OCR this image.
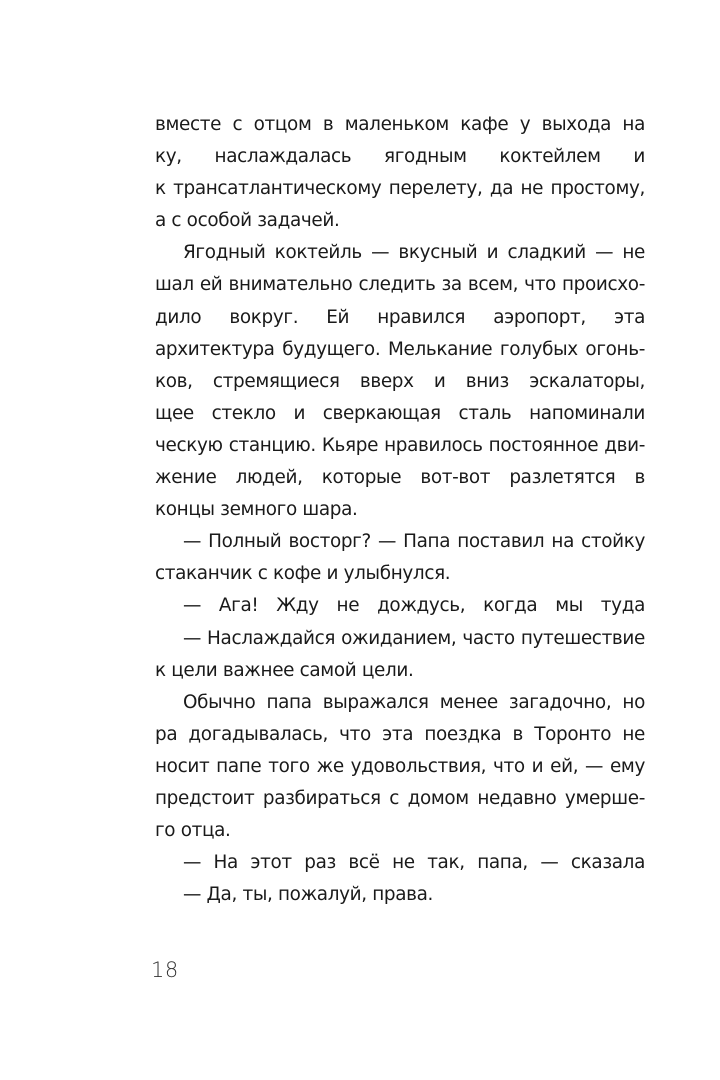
вместе с отцом в маленьком кафе у выхода на
ку, наслаждалась ягодным коктейлем и
к трансатлантическому перелету, да не простому,
а с особой задачей.
Ягодный коктейль — вкусный и сладкий — не
шал ей внимательно следить за всем, что происхо-
дило вокруг. Ей нравился аэропорт, эта
архитектура будущего. Мелькание голубых огонь-
ков, стремящиеся вверх и вниз эскалаторы,
щее стекло и сверкающая сталь напоминали
ческую станцию. Кьяре нравилось постоянное дви-
жение людей, которые вот-вот разлетятся в
концы земного шара.
— Полный восторг? — Папа поставил на стойку
стаканчик с кофе и улыбнулся.
— Ага! Жду не дождусь, когда мы туда
— Наслаждайся ожиданием, часто путешествие
к цели важнее самой цели.
Обычно папа выражался менее загадочно, но
ра догадывалась, что эта поездка в Торонто не
носит папе того же удовольствия, что и ей, — ему
предстоит разбираться с домом недавно умерше-
го отца.
— На этот раз всё не так, папа, — сказала
— Да, ты, пожалуй, права.
18
